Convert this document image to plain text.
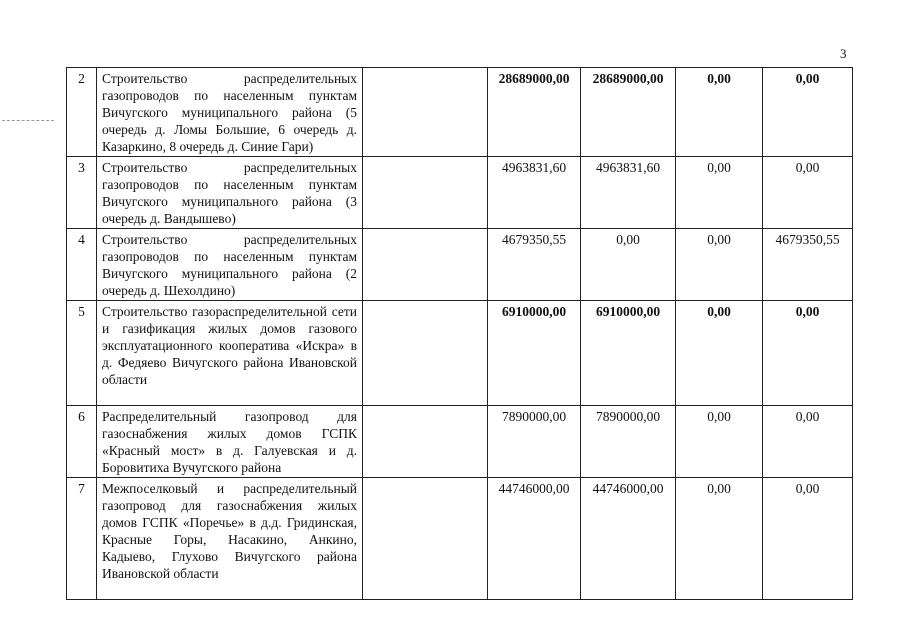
3
2	Строительство распределительных газопроводов по населенным пунктам Вичугского муниципального района (5 очередь д. Ломы Большие, 6 очередь д. Казаркино, 8 очередь д. Синие Гари)		28689000,00	28689000,00	0,00	0,00
3	Строительство распределительных газопроводов по населенным пунктам Вичугского муниципального района (3 очередь д. Вандышево)		4963831,60	4963831,60	0,00	0,00
4	Строительство распределительных газопроводов по населенным пунктам Вичугского муниципального района (2 очередь д. Шехолдино)		4679350,55	0,00	0,00	4679350,55
5	Строительство газораспределительной сети и газификация жилых домов газового эксплуатационного кооператива «Искра» в д. Федяево Вичугского района Ивановской области		6910000,00	6910000,00	0,00	0,00
6	Распределительный газопровод для газоснабжения жилых домов ГСПК «Красный мост» в д. Галуевская и д. Боровитиха Вучугского района		7890000,00	7890000,00	0,00	0,00
7	Межпоселковый и распределительный газопровод для газоснабжения жилых домов ГСПК «Поречье» в д.д. Гридинская, Красные Горы, Насакино, Анкино, Кадыево, Глухово Вичугского района Ивановской области		44746000,00	44746000,00	0,00	0,00
